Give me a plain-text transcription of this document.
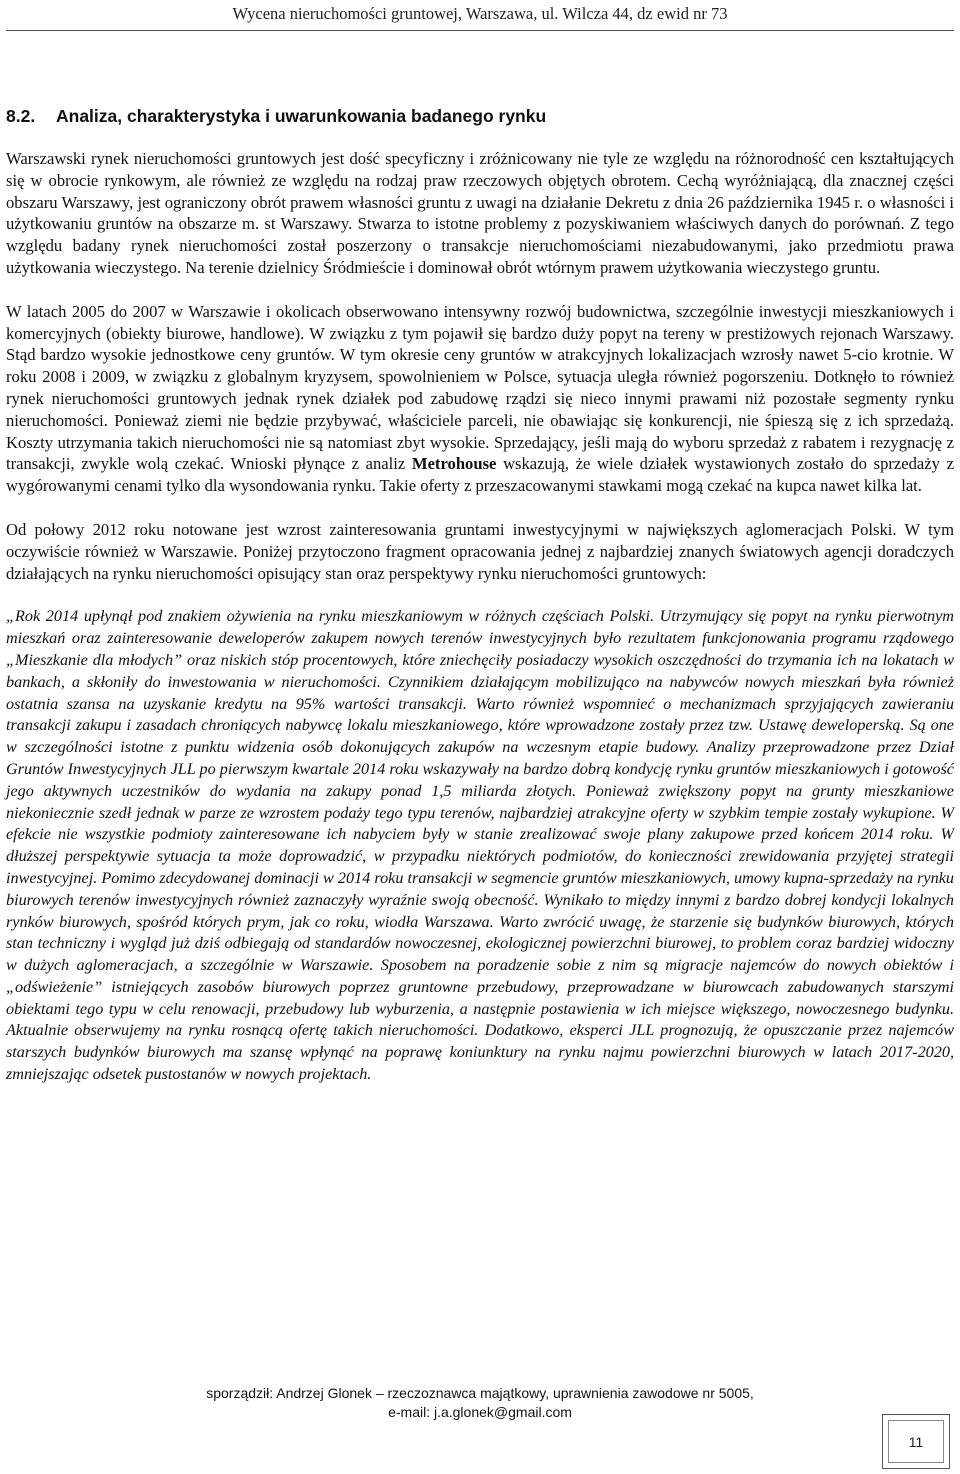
Wycena nieruchomości gruntowej, Warszawa, ul. Wilcza 44, dz ewid nr 73
8.2. Analiza, charakterystyka i uwarunkowania badanego rynku

Warszawski rynek nieruchomości gruntowych jest dość specyficzny i zróżnicowany nie tyle ze względu na różnorodność cen kształtujących się w obrocie rynkowym, ale również ze względu na rodzaj praw rzeczowych objętych obrotem. Cechą wyróżniającą, dla znacznej części obszaru Warszawy, jest ograniczony obrót prawem własności gruntu z uwagi na działanie Dekretu z dnia 26 października 1945 r. o własności i użytkowaniu gruntów na obszarze m. st Warszawy. Stwarza to istotne problemy z pozyskiwaniem właściwych danych do porównań. Z tego względu badany rynek nieruchomości został poszerzony o transakcje nieruchomościami niezabudowanymi, jako przedmiotu prawa użytkowania wieczystego. Na terenie dzielnicy Śródmieście i dominował obrót wtórnym prawem użytkowania wieczystego gruntu.

W latach 2005 do 2007 w Warszawie i okolicach obserwowano intensywny rozwój budownictwa, szczególnie inwestycji mieszkaniowych i komercyjnych (obiekty biurowe, handlowe). W związku z tym pojawił się bardzo duży popyt na tereny w prestiżowych rejonach Warszawy. Stąd bardzo wysokie jednostkowe ceny gruntów. W tym okresie ceny gruntów w atrakcyjnych lokalizacjach wzrosły nawet 5-cio krotnie. W roku 2008 i 2009, w związku z globalnym kryzysem, spowolnieniem w Polsce, sytuacja uległa również pogorszeniu. Dotknęło to również rynek nieruchomości gruntowych jednak rynek działek pod zabudowę rządzi się nieco innymi prawami niż pozostałe segmenty rynku nieruchomości. Ponieważ ziemi nie będzie przybywać, właściciele parceli, nie obawiając się konkurencji, nie śpieszą się z ich sprzedażą. Koszty utrzymania takich nieruchomości nie są natomiast zbyt wysokie. Sprzedający, jeśli mają do wyboru sprzedaż z rabatem i rezygnację z transakcji, zwykle wolą czekać. Wnioski płynące z analiz Metrohouse wskazują, że wiele działek wystawionych zostało do sprzedaży z wygórowanymi cenami tylko dla wysondowania rynku. Takie oferty z przeszacowanymi stawkami mogą czekać na kupca nawet kilka lat.

Od połowy 2012 roku notowane jest wzrost zainteresowania gruntami inwestycyjnymi w największych aglomeracjach Polski. W tym oczywiście również w Warszawie. Poniżej przytoczono fragment opracowania jednej z najbardziej znanych światowych agencji doradczych działających na rynku nieruchomości opisujący stan oraz perspektywy rynku nieruchomości gruntowych:

„Rok 2014 upłynął pod znakiem ożywienia na rynku mieszkaniowym w różnych częściach Polski. Utrzymujący się popyt na rynku pierwotnym mieszkań oraz zainteresowanie deweloperów zakupem nowych terenów inwestycyjnych było rezultatem funkcjonowania programu rządowego „Mieszkanie dla młodych” oraz niskich stóp procentowych, które zniechęciły posiadaczy wysokich oszczędności do trzymania ich na lokatach w bankach, a skłoniły do inwestowania w nieruchomości. Czynnikiem działającym mobilizująco na nabywców nowych mieszkań była również ostatnia szansa na uzyskanie kredytu na 95% wartości transakcji. Warto również wspomnieć o mechanizmach sprzyjających zawieraniu transakcji zakupu i zasadach chroniących nabywcę lokalu mieszkaniowego, które wprowadzone zostały przez tzw. Ustawę deweloperską. Są one w szczególności istotne z punktu widzenia osób dokonujących zakupów na wczesnym etapie budowy. Analizy przeprowadzone przez Dział Gruntów Inwestycyjnych JLL po pierwszym kwartale 2014 roku wskazywały na bardzo dobrą kondycję rynku gruntów mieszkaniowych i gotowość jego aktywnych uczestników do wydania na zakupy ponad 1,5 miliarda złotych. Ponieważ zwiększony popyt na grunty mieszkaniowe niekoniecznie szedł jednak w parze ze wzrostem podaży tego typu terenów, najbardziej atrakcyjne oferty w szybkim tempie zostały wykupione. W efekcie nie wszystkie podmioty zainteresowane ich nabyciem były w stanie zrealizować swoje plany zakupowe przed końcem 2014 roku. W dłuższej perspektywie sytuacja ta może doprowadzić, w przypadku niektórych podmiotów, do konieczności zrewidowania przyjętej strategii inwestycyjnej. Pomimo zdecydowanej dominacji w 2014 roku transakcji w segmencie gruntów mieszkaniowych, umowy kupna-sprzedaży na rynku biurowych terenów inwestycyjnych również zaznaczyły wyraźnie swoją obecność. Wynikało to między innymi z bardzo dobrej kondycji lokalnych rynków biurowych, spośród których prym, jak co roku, wiodła Warszawa. Warto zwrócić uwagę, że starzenie się budynków biurowych, których stan techniczny i wygląd już dziś odbiegają od standardów nowoczesnej, ekologicznej powierzchni biurowej, to problem coraz bardziej widoczny w dużych aglomeracjach, a szczególnie w Warszawie. Sposobem na poradzenie sobie z nim są migracje najemców do nowych obiektów i „odświeżenie” istniejących zasobów biurowych poprzez gruntowne przebudowy, przeprowadzane w biurowcach zabudowanych starszymi obiektami tego typu w celu renowacji, przebudowy lub wyburzenia, a następnie postawienia w ich miejsce większego, nowoczesnego budynku. Aktualnie obserwujemy na rynku rosnącą ofertę takich nieruchomości. Dodatkowo, eksperci JLL prognozują, że opuszczanie przez najemców starszych budynków biurowych ma szansę wpłynąć na poprawę koniunktury na rynku najmu powierzchni biurowych w latach 2017-2020, zmniejszając odsetek pustostanów w nowych projektach.

sporządził: Andrzej Glonek – rzeczoznawca majątkowy, uprawnienia zawodowe nr 5005,
e-mail: j.a.glonek@gmail.com
11
